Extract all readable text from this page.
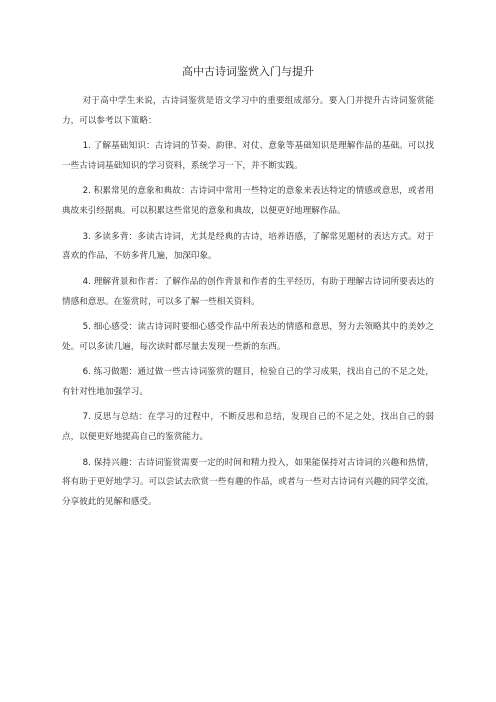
高中古诗词鉴赏入门与提升

对于高中学生来说，古诗词鉴赏是语文学习中的重要组成部分。要入门并提升古诗词鉴赏能力，可以参考以下策略：

1. 了解基础知识：古诗词的节奏、韵律、对仗、意象等基础知识是理解作品的基础。可以找一些古诗词基础知识的学习资料，系统学习一下，并不断实践。

2. 积累常见的意象和典故：古诗词中常用一些特定的意象来表达特定的情感或意思，或者用典故来引经据典。可以积累这些常见的意象和典故，以便更好地理解作品。

3. 多读多背：多读古诗词，尤其是经典的古诗，培养语感，了解常见题材的表达方式。对于喜欢的作品，不妨多背几遍，加深印象。

4. 理解背景和作者：了解作品的创作背景和作者的生平经历，有助于理解古诗词所要表达的情感和意思。在鉴赏时，可以多了解一些相关资料。

5. 细心感受：读古诗词时要细心感受作品中所表达的情感和意思，努力去领略其中的美妙之处。可以多读几遍，每次读时都尽量去发现一些新的东西。

6. 练习做题：通过做一些古诗词鉴赏的题目，检验自己的学习成果，找出自己的不足之处，有针对性地加强学习。

7. 反思与总结：在学习的过程中，不断反思和总结，发现自己的不足之处，找出自己的弱点，以便更好地提高自己的鉴赏能力。

8. 保持兴趣：古诗词鉴赏需要一定的时间和精力投入，如果能保持对古诗词的兴趣和热情，将有助于更好地学习。可以尝试去欣赏一些有趣的作品，或者与一些对古诗词有兴趣的同学交流，分享彼此的见解和感受。
